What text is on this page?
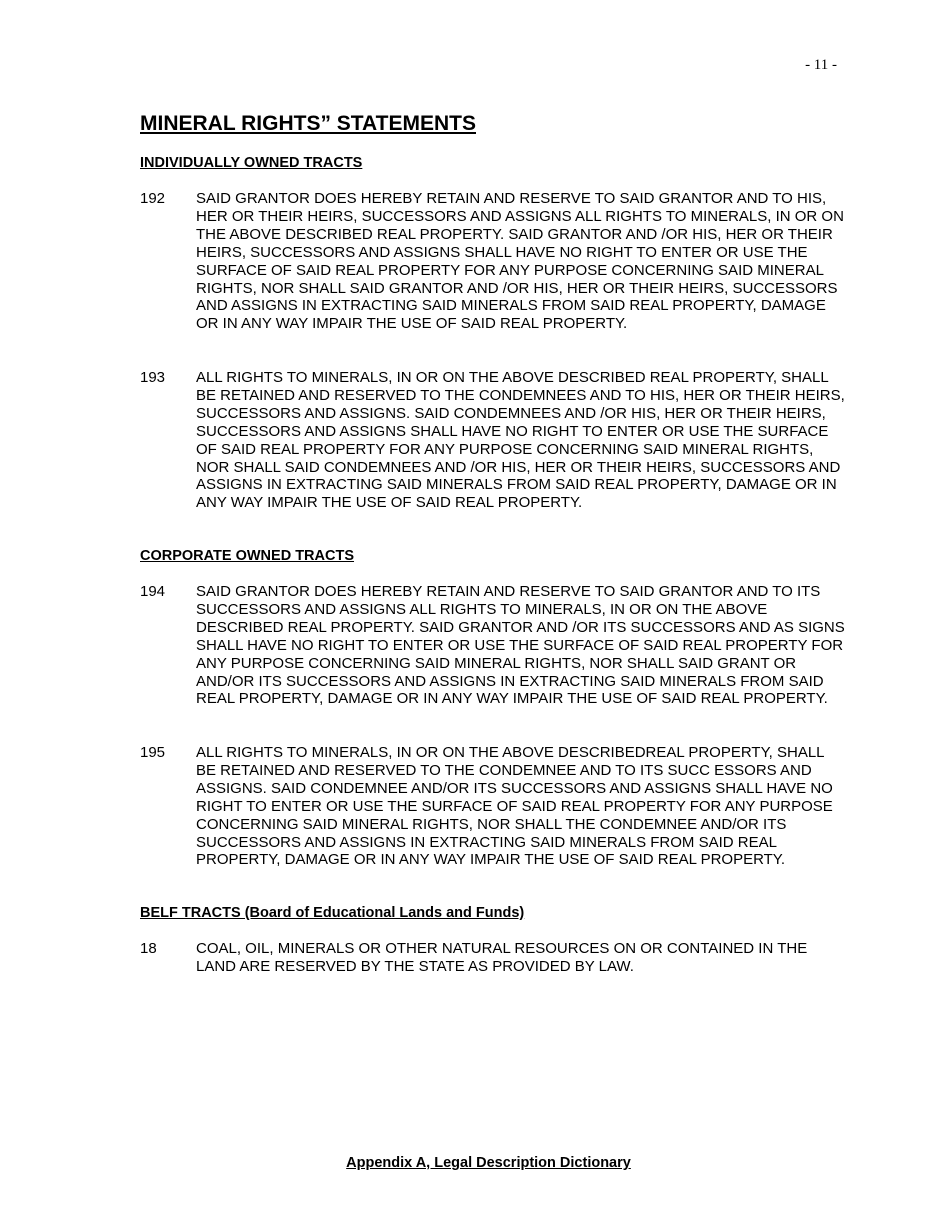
- 11 -
MINERAL RIGHTS” STATEMENTS
INDIVIDUALLY OWNED TRACTS
192 SAID GRANTOR DOES HEREBY RETAIN AND RESERVE TO SAID GRANTOR AND TO HIS, HER OR THEIR HEIRS, SUCCESSORS AND ASSIGNS ALL RIGHTS TO MINERALS, IN OR ON THE ABOVE DESCRIBED REAL PROPERTY. SAID GRANTOR AND /OR HIS, HER OR THEIR HEIRS, SUCCESSORS AND ASSIGNS SHALL HAVE NO RIGHT TO ENTER OR USE THE SURFACE OF SAID REAL PROPERTY FOR ANY PURPOSE CONCERNING SAID MINERAL RIGHTS, NOR SHALL SAID GRANTOR AND /OR HIS, HER OR THEIR HEIRS, SUCCESSORS AND ASSIGNS IN EXTRACTING SAID MINERALS FROM SAID REAL PROPERTY, DAMAGE OR IN ANY WAY IMPAIR THE USE OF SAID REAL PROPERTY.
193 ALL RIGHTS TO MINERALS, IN OR ON THE ABOVE DESCRIBED REAL PROPERTY, SHALL BE RETAINED AND RESERVED TO THE CONDEMNEES AND TO HIS, HER OR THEIR HEIRS, SUCCESSORS AND ASSIGNS. SAID CONDEMNEES AND /OR HIS, HER OR THEIR HEIRS, SUCCESSORS AND ASSIGNS SHALL HAVE NO RIGHT TO ENTER OR USE THE SURFACE OF SAID REAL PROPERTY FOR ANY PURPOSE CONCERNING SAID MINERAL RIGHTS, NOR SHALL SAID CONDEMNEES AND /OR HIS, HER OR THEIR HEIRS, SUCCESSORS AND ASSIGNS IN EXTRACTING SAID MINERALS FROM SAID REAL PROPERTY, DAMAGE OR IN ANY WAY IMPAIR THE USE OF SAID REAL PROPERTY.
CORPORATE OWNED TRACTS
194 SAID GRANTOR DOES HEREBY RETAIN AND RESERVE TO SAID GRANTOR AND TO ITS SUCCESSORS AND ASSIGNS ALL RIGHTS TO MINERALS, IN OR ON THE ABOVE DESCRIBED REAL PROPERTY. SAID GRANTOR AND /OR ITS SUCCESSORS AND AS SIGNS SHALL HAVE NO RIGHT TO ENTER OR USE THE SURFACE OF SAID REAL PROPERTY FOR ANY PURPOSE CONCERNING SAID MINERAL RIGHTS, NOR SHALL SAID GRANT OR AND/OR ITS SUCCESSORS AND ASSIGNS IN EXTRACTING SAID MINERALS FROM SAID REAL PROPERTY, DAMAGE OR IN ANY WAY IMPAIR THE USE OF SAID REAL PROPERTY.
195 ALL RIGHTS TO MINERALS, IN OR ON THE ABOVE DESCRIBEDREAL PROPERTY, SHALL BE RETAINED AND RESERVED TO THE CONDEMNEE AND TO ITS SUCC ESSORS AND ASSIGNS. SAID CONDEMNEE AND/OR ITS SUCCESSORS AND ASSIGNS SHALL HAVE NO RIGHT TO ENTER OR USE THE SURFACE OF SAID REAL PROPERTY FOR ANY PURPOSE CONCERNING SAID MINERAL RIGHTS, NOR SHALL THE CONDEMNEE AND/OR ITS SUCCESSORS AND ASSIGNS IN EXTRACTING SAID MINERALS FROM SAID REAL PROPERTY, DAMAGE OR IN ANY WAY IMPAIR THE USE OF SAID REAL PROPERTY.
BELF TRACTS (Board of Educational Lands and Funds)
18	COAL, OIL, MINERALS OR OTHER NATURAL RESOURCES ON OR CONTAINED IN THE LAND ARE RESERVED BY THE STATE AS PROVIDED BY LAW.
Appendix A, Legal Description Dictionary
